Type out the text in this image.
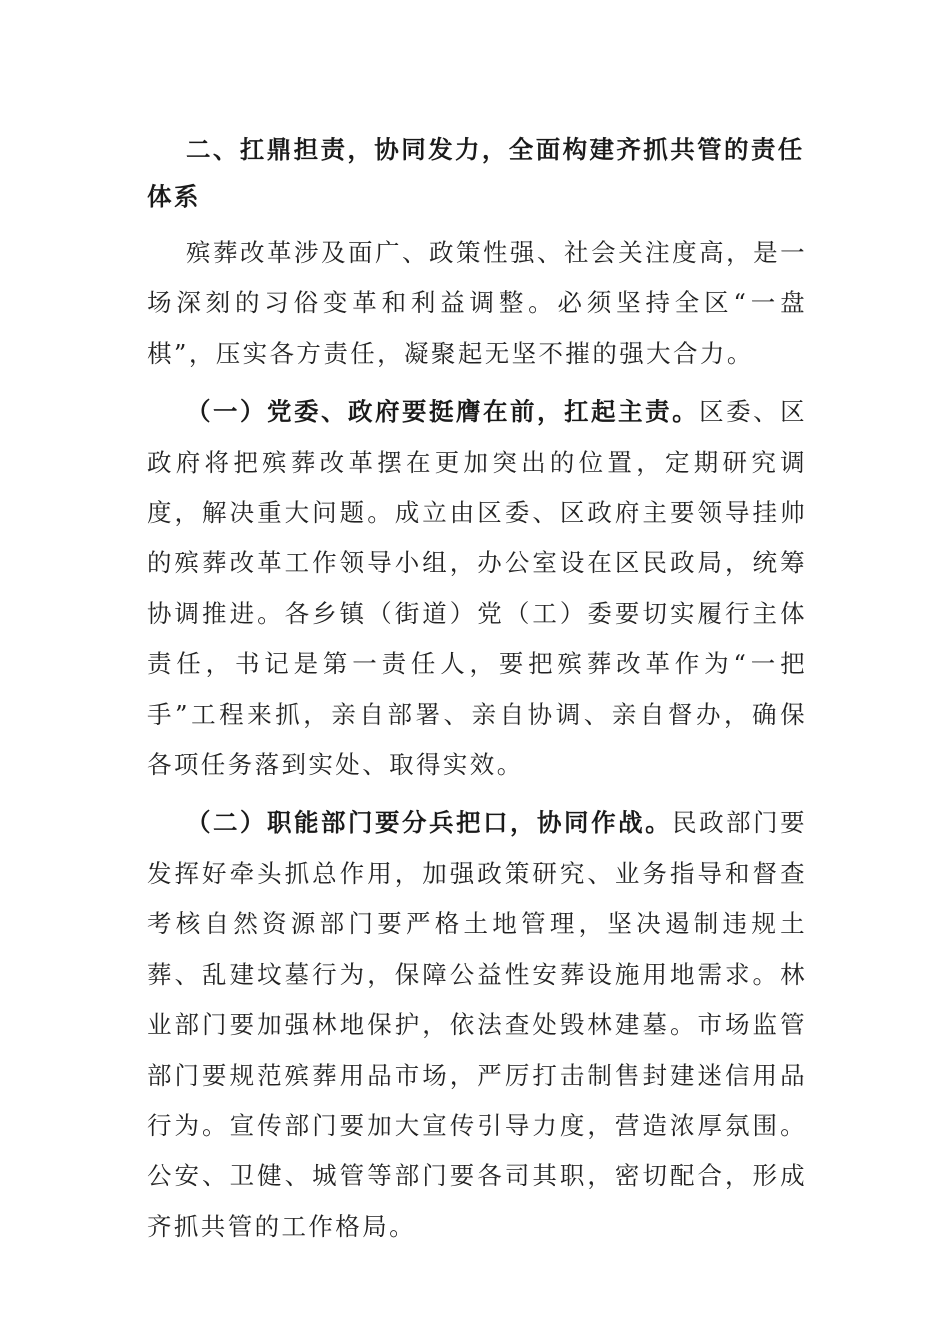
二、扛鼎担责，协同发力，全面构建齐抓共管的责任体系

殡葬改革涉及面广、政策性强、社会关注度高，是一场深刻的习俗变革和利益调整。必须坚持全区“一盘棋”，压实各方责任，凝聚起无坚不摧的强大合力。

（一）党委、政府要挺膺在前，扛起主责。区委、区政府将把殡葬改革摆在更加突出的位置，定期研究调度，解决重大问题。成立由区委、区政府主要领导挂帅的殡葬改革工作领导小组，办公室设在区民政局，统筹协调推进。各乡镇（街道）党（工）委要切实履行主体责任，书记是第一责任人，要把殡葬改革作为“一把手”工程来抓，亲自部署、亲自协调、亲自督办，确保各项任务落到实处、取得实效。

（二）职能部门要分兵把口，协同作战。民政部门要发挥好牵头抓总作用，加强政策研究、业务指导和督查考核自然资源部门要严格土地管理，坚决遏制违规土葬、乱建坟墓行为，保障公益性安葬设施用地需求。林业部门要加强林地保护，依法查处毁林建墓。市场监管部门要规范殡葬用品市场，严厉打击制售封建迷信用品行为。宣传部门要加大宣传引导力度，营造浓厚氛围。公安、卫健、城管等部门要各司其职，密切配合，形成齐抓共管的工作格局。
